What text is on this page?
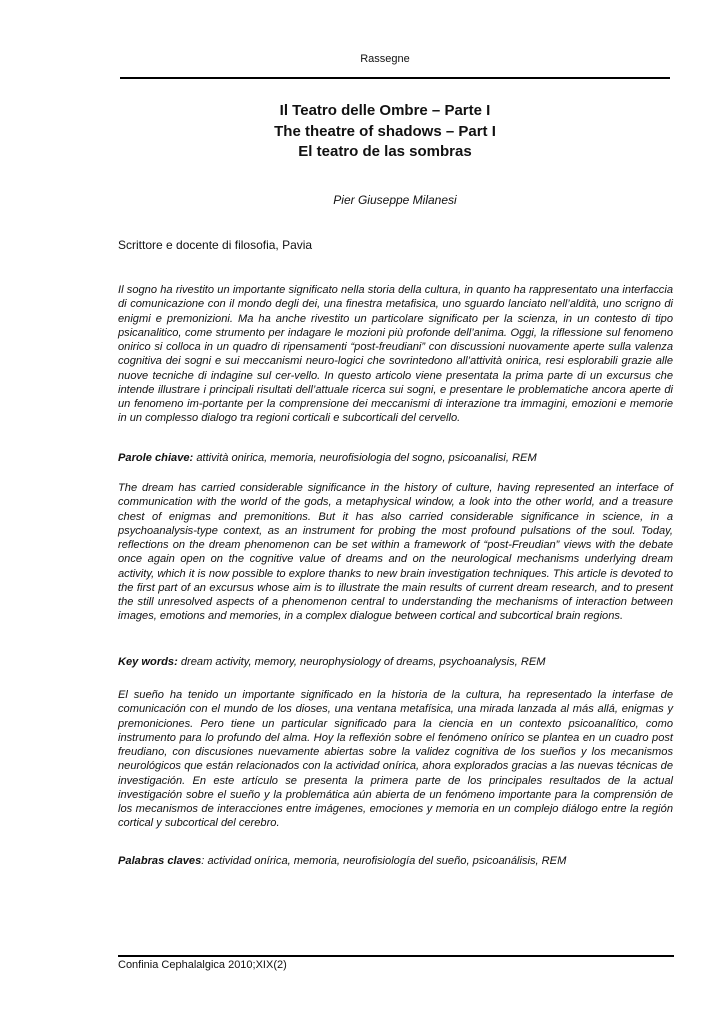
Rassegne
Il Teatro delle Ombre – Parte I
The theatre of shadows – Part I
El teatro de las sombras
Pier Giuseppe Milanesi
Scrittore e docente di filosofia, Pavia
Il sogno ha rivestito un importante significato nella storia della cultura, in quanto ha rappresentato una interfaccia di comunicazione con il mondo degli dei, una finestra metafisica, uno sguardo lanciato nell’aldità, uno scrigno di enigmi e premonizioni. Ma ha anche rivestito un particolare significato per la scienza, in un contesto di tipo psicanalitico, come strumento per indagare le mozioni più profonde dell’anima. Oggi, la riflessione sul fenomeno onirico si colloca in un quadro di ripensamenti “post-freudiani” con discussioni nuovamente aperte sulla valenza cognitiva dei sogni e sui meccanismi neuro-logici che sovrintedono all’attività onirica, resi esplorabili grazie alle nuove tecniche di indagine sul cer-vello. In questo articolo viene presentata la prima parte di un excursus che intende illustrare i principali risultati dell’attuale ricerca sui sogni, e presentare le problematiche ancora aperte di un fenomeno im-portante per la comprensione dei meccanismi di interazione tra immagini, emozioni e memorie in un complesso dialogo tra regioni corticali e subcorticali del cervello.
Parole chiave: attività onirica, memoria, neurofisiologia del sogno, psicoanalisi, REM
The dream has carried considerable significance in the history of culture, having represented an interface of communication with the world of the gods, a metaphysical window, a look into the other world, and a treasure chest of enigmas and premonitions. But it has also carried considerable significance in science, in a psychoanalysis-type context, as an instrument for probing the most profound pulsations of the soul. Today, reflections on the dream phenomenon can be set within a framework of “post-Freudian” views with the debate once again open on the cognitive value of dreams and on the neurological mechanisms underlying dream activity, which it is now possible to explore thanks to new brain investigation techniques. This article is devoted to the first part of an excursus whose aim is to illustrate the main results of current dream research, and to present the still unresolved aspects of a phenomenon central to understanding the mechanisms of interaction between images, emotions and memories, in a complex dialogue between cortical and subcortical brain regions.
Key words: dream activity, memory, neurophysiology of dreams, psychoanalysis, REM
El sueño ha tenido un importante significado en la historia de la cultura, ha representado la interfase de comunicación con el mundo de los dioses, una ventana metafísica, una mirada lanzada al más allá, enigmas y premoniciones. Pero tiene un particular significado para la ciencia en un contexto psicoanalítico, como instrumento para lo profundo del alma. Hoy la reflexión sobre el fenómeno onírico se plantea en un cuadro post freudiano, con discusiones nuevamente abiertas sobre la validez cognitiva de los sueños y los mecanismos neurológicos que están relacionados con la actividad onírica, ahora explorados gracias a las nuevas técnicas de investigación. En este artículo se presenta la primera parte de los principales resultados de la actual investigación sobre el sueño y la problemática aún abierta de un fenómeno importante para la comprensión de los mecanismos de interacciones entre imágenes, emociones y memoria en un complejo diálogo entre la región cortical y subcortical del cerebro.
Palabras claves: actividad onírica, memoria, neurofisiología del sueño, psicoanálisis, REM
Confinia Cephalalgica 2010;XIX(2)
